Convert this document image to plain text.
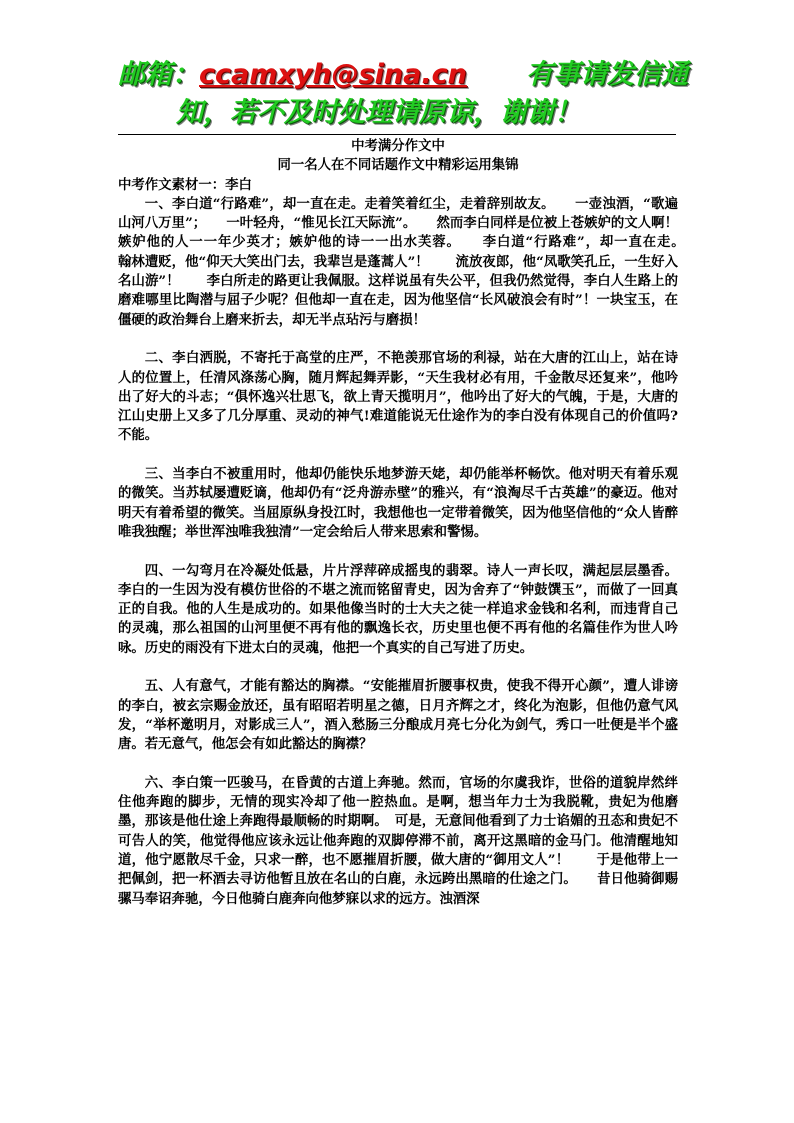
邮箱： ccamxyh@sina.cn 有事请发信通
知，若不及时处理请原谅，谢谢！
中考满分作文中
同一名人在不同话题作文中精彩运用集锦
中考作文素材一：李白

一、李白道“行路难”，却一直在走。走着笑着红尘，走着辞别故友。　　一壶浊酒，“歌遍山河八万里”；　　一叶轻舟，“惟见长江天际流”。　　然而李白同样是位被上苍嫉妒的文人啊！嫉妒他的人一一年少英才；嫉妒他的诗一一出水芙蓉。　　李白道“行路难”，却一直在走。　　翰林遭贬，他“仰天大笑出门去，我辈岂是蓬蒿人”！　　流放夜郎，他“凤歌笑孔丘，一生好入名山游”！　　李白所走的路更让我佩服。这样说虽有失公平，但我仍然觉得，李白人生路上的磨难哪里比陶潜与屈子少呢？但他却一直在走，因为他坚信“长风破浪会有时”！一块宝玉，在僵硬的政治舞台上磨来折去，却无半点玷污与磨损！

二、李白洒脱，不寄托于高堂的庄严，不艳羡那官场的利禄，站在大唐的江山上，站在诗人的位置上，任清风涤荡心胸，随月辉起舞弄影，“天生我材必有用，千金散尽还复来”，他吟出了好大的斗志；“俱怀逸兴壮思飞，欲上青天揽明月”，他吟出了好大的气魄，于是，大唐的江山史册上又多了几分厚重、灵动的神气!难道能说无仕途作为的李白没有体现自己的价值吗?不能。

三、当李白不被重用时，他却仍能快乐地梦游天姥，却仍能举杯畅饮。他对明天有着乐观的微笑。当苏轼屡遭贬谪，他却仍有“泛舟游赤壁”的雅兴，有“浪淘尽千古英雄”的豪迈。他对明天有着希望的微笑。当屈原纵身投江时，我想他也一定带着微笑，因为他坚信他的“众人皆醉唯我独醒；举世浑浊唯我独清”一定会给后人带来思索和警惕。

四、一勾弯月在冷凝处低悬，片片浮萍碎成摇曳的翡翠。诗人一声长叹，满起层层墨香。李白的一生因为没有模仿世俗的不堪之流而铭留青史，因为舍弃了“钟鼓馔玉”，而做了一回真正的自我。他的人生是成功的。如果他像当时的士大夫之徒一样追求金钱和名利，而违背自己的灵魂，那么祖国的山河里便不再有他的飘逸长衣，历史里也便不再有他的名篇佳作为世人吟咏。历史的雨没有下进太白的灵魂，他把一个真实的自己写进了历史。

五、人有意气，才能有豁达的胸襟。“安能摧眉折腰事权贵，使我不得开心颜”，遭人诽谤的李白，被玄宗赐金放还，虽有昭昭若明星之德，日月齐辉之才，终化为泡影，但他仍意气风发，“举杯邀明月，对影成三人”，酒入愁肠三分酿成月亮七分化为剑气，秀口一吐便是半个盛唐。若无意气，他怎会有如此豁达的胸襟？

六、李白策一匹骏马，在昏黄的古道上奔驰。然而，官场的尔虞我诈，世俗的道貌岸然绊住他奔跑的脚步，无情的现实冷却了他一腔热血。是啊，想当年力士为我脱靴，贵妃为他磨墨，那该是他仕途上奔跑得最顺畅的时期啊。　可是，无意间他看到了力士谄媚的丑态和贵妃不可告人的笑，他觉得他应该永远让他奔跑的双脚停滞不前，离开这黑暗的金马门。他清醒地知道，他宁愿散尽千金，只求一醉，也不愿摧眉折腰，做大唐的“御用文人”！　　于是他带上一把佩剑，把一杯酒去寻访他暂且放在名山的白鹿，永远跨出黑暗的仕途之门。　　昔日他骑御赐骡马奉诏奔驰，今日他骑白鹿奔向他梦寐以求的远方。浊酒深
